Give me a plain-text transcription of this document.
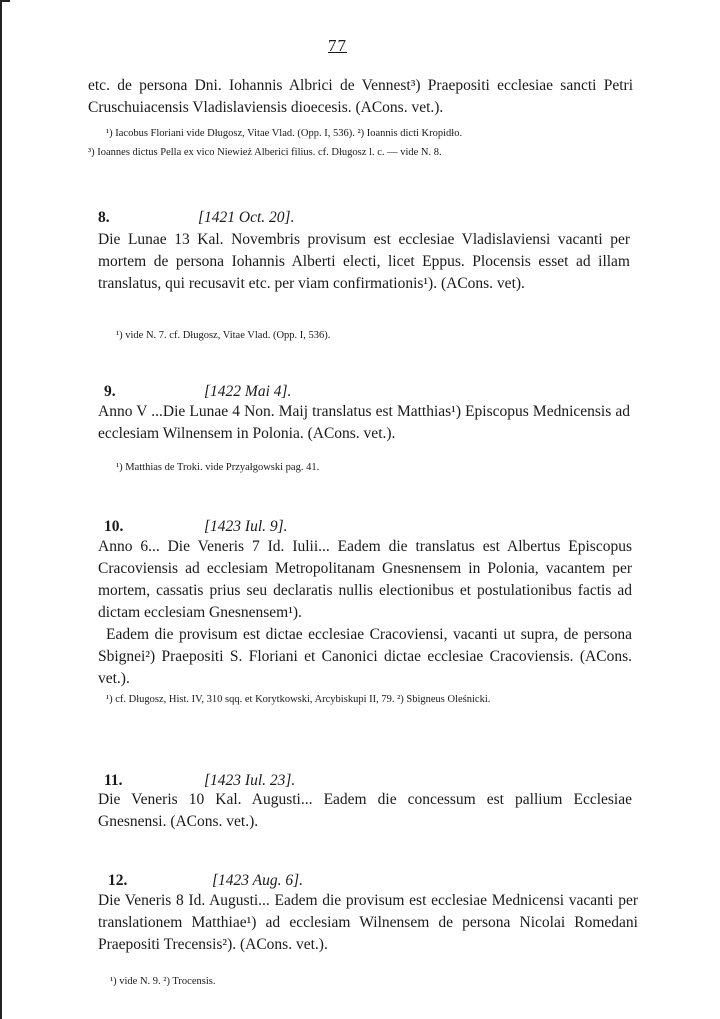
77

etc. de persona Dni. Iohannis Albrici de Vennest³) Praepositi ecclesiae sancti Petri Cruschuiacensis Vladislaviensis dioecesis. (ACons. vet.).

¹) Iacobus Floriani vide Długosz, Vitae Vlad. (Opp. I, 536). ²) Ioannis dicti Kropidło.

³) Ioannes dictus Pella ex vico Niewież Alberici filius. cf. Długosz l. c. — vide N. 8.

8.	[1421 Oct. 20].

Die Lunae 13 Kal. Novembris provisum est ecclesiae Vladislaviensi vacanti per mortem de persona Iohannis Alberti electi, licet Eppus. Plocensis esset ad illam translatus, qui recusavit etc. per viam confirmationis¹). (ACons. vet).

¹) vide N. 7. cf. Długosz, Vitae Vlad. (Opp. I, 536).

9.	[1422 Mai 4].

Anno V ...Die Lunae 4 Non. Maij translatus est Matthias¹) Episcopus Mednicensis ad ecclesiam Wilnensem in Polonia. (ACons. vet.).

¹) Matthias de Troki. vide Przyałgowski pag. 41.

10.	[1423 Iul. 9].

Anno 6... Die Veneris 7 Id. Iulii... Eadem die translatus est Albertus Episcopus Cracoviensis ad ecclesiam Metropolitanam Gnesnensem in Polonia, vacantem per mortem, cassatis prius seu declaratis nullis electionibus et postulationibus factis ad dictam ecclesiam Gnesnensem¹).

Eadem die provisum est dictae ecclesiae Cracoviensi, vacanti ut supra, de persona Sbignei²) Praepositi S. Floriani et Canonici dictae ecclesiae Cracoviensis. (ACons. vet.).

¹) cf. Długosz, Hist. IV, 310 sqq. et Korytkowski, Arcybiskupi II, 79. ²) Sbigneus Oleśnicki.

11.	[1423 Iul. 23].

Die Veneris 10 Kal. Augusti... Eadem die concessum est pallium Ecclesiae Gnesnensi. (ACons. vet.).

12.	[1423 Aug. 6].

Die Veneris 8 Id. Augusti... Eadem die provisum est ecclesiae Mednicensi vacanti per translationem Matthiae¹) ad ecclesiam Wilnensem de persona Nicolai Romedani Praepositi Trecensis²). (ACons. vet.).

¹) vide N. 9. ²) Trocensis.
